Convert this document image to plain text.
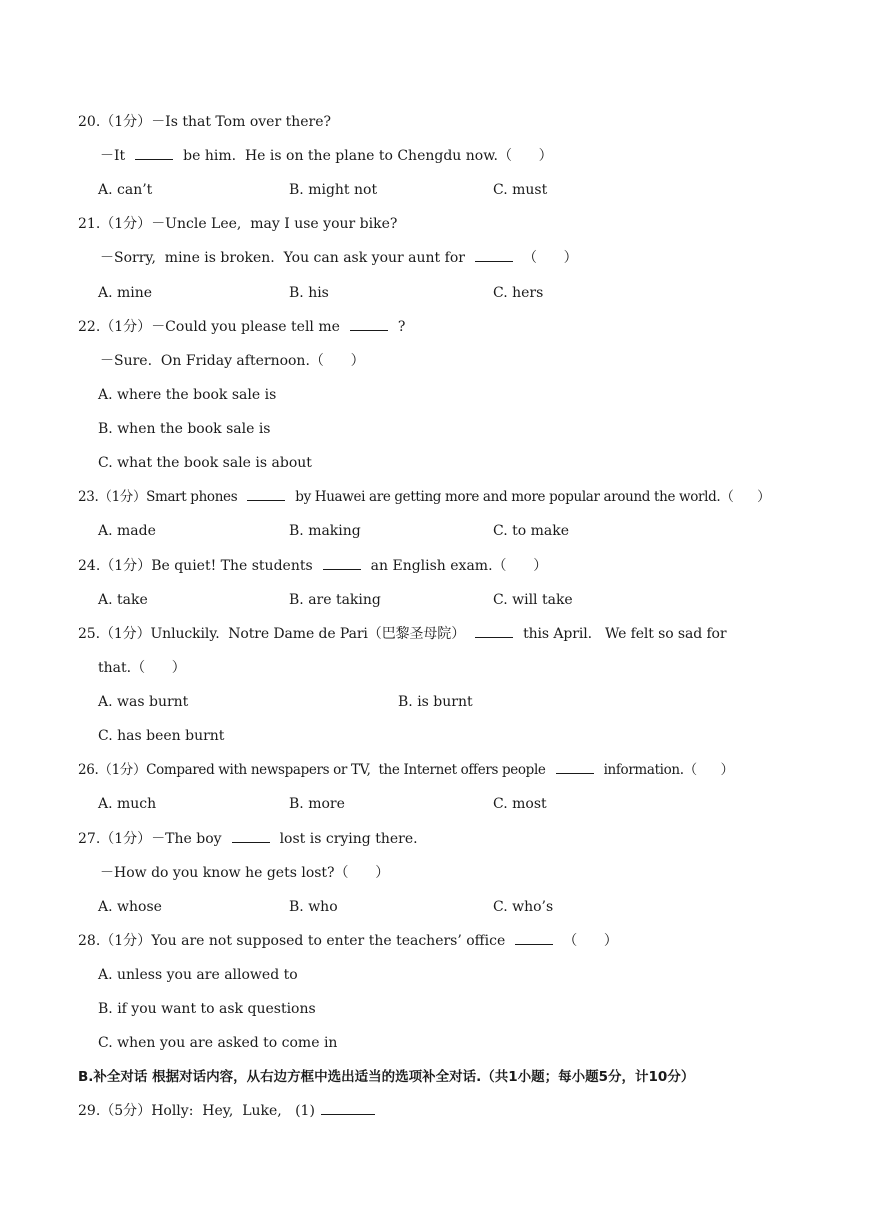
20.（1分）－Is that Tom over there?
－It	be him.  He is on the plane to Chengdu now.（      ）
A. can’t	B. might not	C. must
21.（1分）－Uncle Lee,  may I use your bike?
－Sorry,  mine is broken.  You can ask your aunt for	（      ）
A. mine	B. his	C. hers
22.（1分）－Could you please tell me	?
－Sure.  On Friday afternoon.（      ）
A. where the book sale is
B. when the book sale is
C. what the book sale is about
23.（1分）Smart phones	by Huawei are getting more and more popular around the world.（      ）
A. made	B. making	C. to make
24.（1分）Be quiet! The students	an English exam.（      ）
A. take	B. are taking	C. will take
25.（1分）Unluckily.  Notre Dame de Pari（巴黎圣母院）	this April.   We felt so sad for
that.（      ）
A. was burnt	B. is burnt
C. has been burnt
26.（1分）Compared with newspapers or TV,  the Internet offers people	information.（      ）
A. much	B. more	C. most
27.（1分）－The boy	lost is crying there.
－How do you know he gets lost?（      ）
A. whose	B. who	C. who’s
28.（1分）You are not supposed to enter the teachers’ office	（      ）
A. unless you are allowed to
B. if you want to ask questions
C. when you are asked to come in
B.补全对话 根据对话内容，从右边方框中选出适当的选项补全对话.（共1小题；每小题5分，计10分）
29.（5分）Holly:  Hey,  Luke,   (1)
